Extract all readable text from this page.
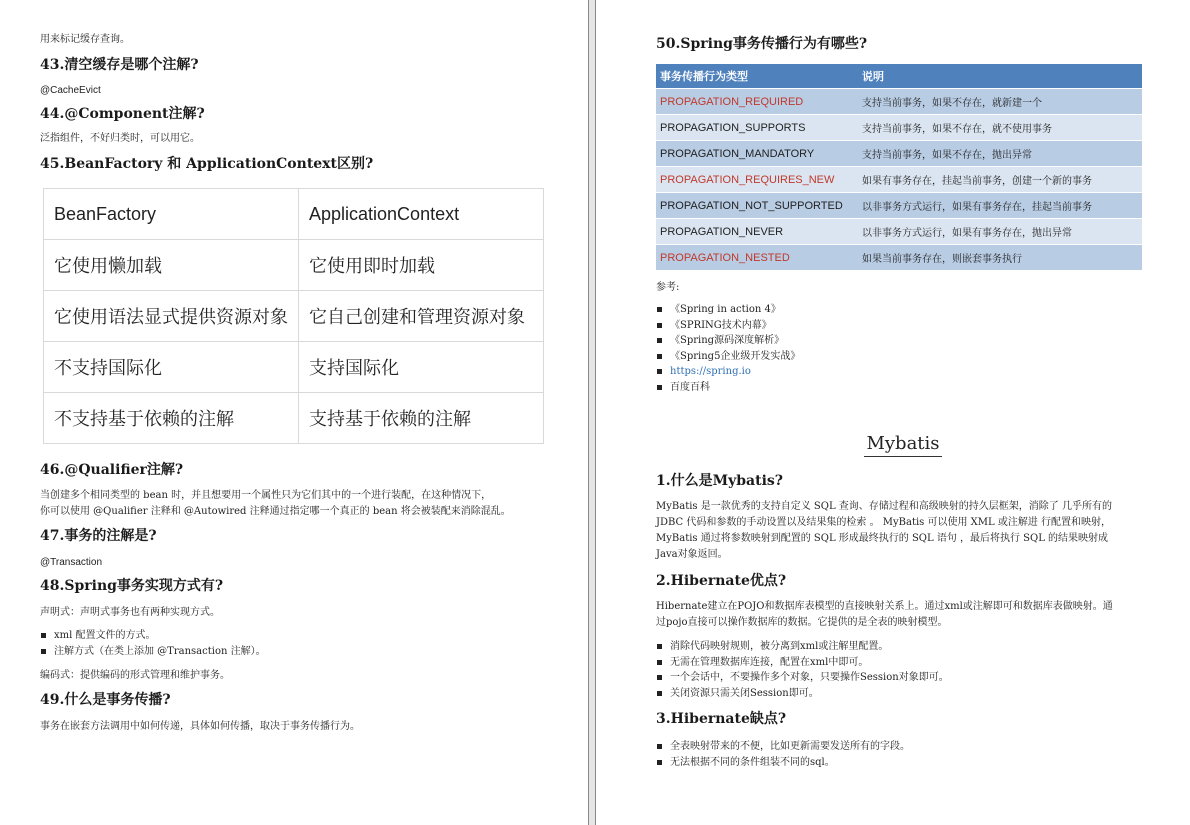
用来标记缓存查询。

43.清空缓存是哪个注解?

@CacheEvict

44.@Component注解?

泛指组件，不好归类时，可以用它。

45.BeanFactory 和 ApplicationContext区别?

BeanFactory	ApplicationContext
它使用懒加载	它使用即时加载
它使用语法显式提供资源对象	它自己创建和管理资源对象
不支持国际化	支持国际化
不支持基于依赖的注解	支持基于依赖的注解

46.@Qualifier注解?

当创建多个相同类型的 bean 时，并且想要用一个属性只为它们其中的一个进行装配，在这种情况下，

你可以使用 @Qualifier 注释和 @Autowired 注释通过指定哪一个真正的 bean 将会被装配来消除混乱。

47.事务的注解是?

@Transaction

48.Spring事务实现方式有?

声明式：声明式事务也有两种实现方式。

xml 配置文件的方式。
注解方式（在类上添加 @Transaction 注解）。

编码式：提供编码的形式管理和维护事务。

49.什么是事务传播?

事务在嵌套方法调用中如何传递，具体如何传播，取决于事务传播行为。

50.Spring事务传播行为有哪些?

事务传播行为类型	说明
PROPAGATION_REQUIRED	支持当前事务，如果不存在，就新建一个
PROPAGATION_SUPPORTS	支持当前事务，如果不存在，就不使用事务
PROPAGATION_MANDATORY	支持当前事务，如果不存在，抛出异常
PROPAGATION_REQUIRES_NEW	如果有事务存在，挂起当前事务，创建一个新的事务
PROPAGATION_NOT_SUPPORTED	以非事务方式运行，如果有事务存在，挂起当前事务
PROPAGATION_NEVER	以非事务方式运行，如果有事务存在，抛出异常
PROPAGATION_NESTED	如果当前事务存在，则嵌套事务执行

参考:

《Spring in action 4》
《SPRING技术内幕》
《Spring源码深度解析》
《Spring5企业级开发实战》
https://spring.io
百度百科

Mybatis

1.什么是Mybatis?

MyBatis 是一款优秀的支持自定义 SQL 查询、存储过程和高级映射的持久层框架，消除了 几乎所有的

JDBC 代码和参数的手动设置以及结果集的检索 。 MyBatis 可以使用 XML 或注解进 行配置和映射，

MyBatis 通过将参数映射到配置的 SQL 形成最终执行的 SQL 语句 ，最后将执行 SQL 的结果映射成

Java对象返回。

2.Hibernate优点?

Hibernate建立在POJO和数据库表模型的直接映射关系上。通过xml或注解即可和数据库表做映射。通

过pojo直接可以操作数据库的数据。它提供的是全表的映射模型。

消除代码映射规则，被分离到xml或注解里配置。
无需在管理数据库连接，配置在xml中即可。
一个会话中，不要操作多个对象，只要操作Session对象即可。
关闭资源只需关闭Session即可。

3.Hibernate缺点?

全表映射带来的不便，比如更新需要发送所有的字段。
无法根据不同的条件组装不同的sql。
